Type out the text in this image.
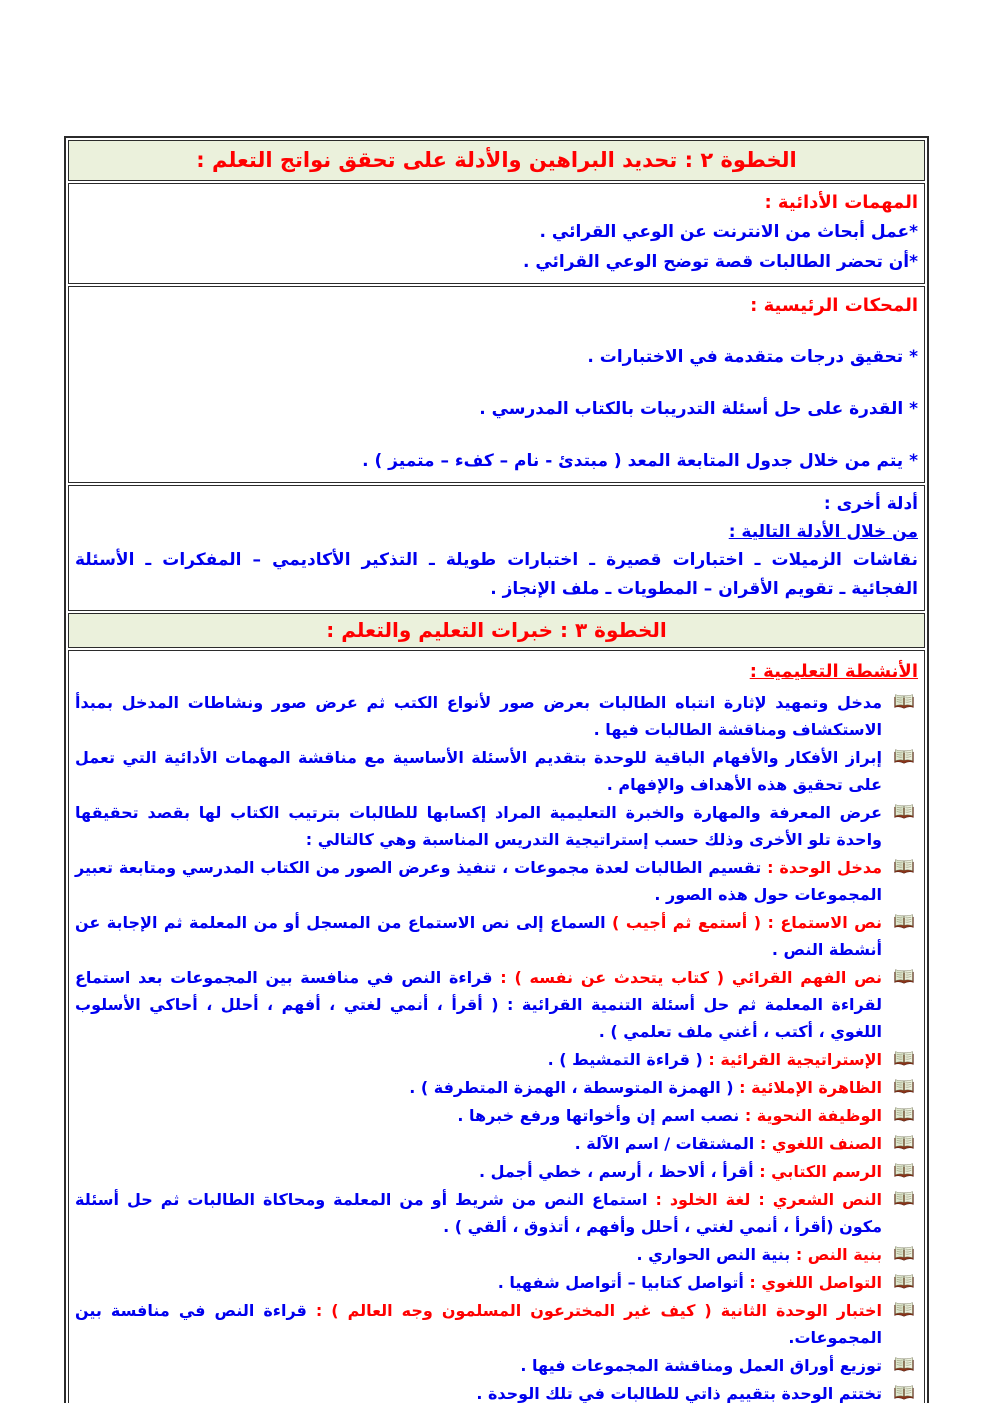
الخطوة ٢ : تحديد البراهين والأدلة على تحقق نواتج التعلم :
المهمات الأدائية :
*عمل أبحاث من الانترنت عن الوعي القرائي .
*أن تحضر الطالبات قصة توضح الوعي القرائي .
المحكات الرئيسية :
* تحقيق درجات متقدمة في الاختبارات .
* القدرة على حل أسئلة التدريبات بالكتاب المدرسي .
* يتم من خلال جدول المتابعة المعد ( مبتدئ - نام – كفء – متميز ) .
أدلة أخرى :
من خلال الأدلة التالية :
نقاشات الزميلات ـ اختبارات قصيرة ـ اختبارات طويلة ـ التذكير الأكاديمي – المفكرات ـ الأسئلة الفجائية ـ تقويم الأقران – المطويات ـ ملف الإنجاز .
الخطوة ٣ : خبرات التعليم والتعلم :
الأنشطة التعليمية :
مدخل وتمهيد لإثارة انتباه الطالبات بعرض صور لأنواع الكتب ثم عرض صور ونشاطات المدخل بمبدأ الاستكشاف ومناقشة الطالبات فيها .
إبراز الأفكار والأفهام الباقية للوحدة بتقديم الأسئلة الأساسية مع مناقشة المهمات الأدائية التي تعمل على تحقيق هذه الأهداف والإفهام .
عرض المعرفة والمهارة والخبرة التعليمية المراد إكسابها للطالبات بترتيب الكتاب لها بقصد تحقيقها واحدة تلو الأخرى وذلك حسب إستراتيجية التدريس المناسبة وهي كالتالي :
مدخل الوحدة : تقسيم الطالبات لعدة مجموعات ، تنفيذ وعرض الصور من الكتاب المدرسي ومتابعة تعبير المجموعات حول هذه الصور .
نص الاستماع : ( أستمع ثم أجيب ) السماع إلى نص الاستماع من المسجل أو من المعلمة ثم الإجابة عن أنشطة النص .
نص الفهم القرائي ( كتاب يتحدث عن نفسه ) : قراءة النص في منافسة بين المجموعات بعد استماع لقراءة المعلمة ثم حل أسئلة التنمية القرائية : ( أقرأ ، أنمي لغتي ، أفهم ، أحلل ، أحاكي الأسلوب اللغوي ، أكتب ، أغني ملف تعلمي ) .
الإستراتيجية القرائية : ( قراءة التمشيط ) .
الظاهرة الإملائية : ( الهمزة المتوسطة ، الهمزة المتطرفة ) .
الوظيفة النحوية : نصب اسم إن وأخواتها ورفع خبرها .
الصنف اللغوي : المشتقات / اسم الآلة .
الرسم الكتابي : أقرأ ، ألاحظ ، أرسم ، خطي أجمل .
النص الشعري : لغة الخلود : استماع النص من شريط أو من المعلمة ومحاكاة الطالبات ثم حل أسئلة مكون (أقرأ ، أنمي لغتي ، أحلل وأفهم ، أتذوق ، ألقي ) .
بنية النص : بنية النص الحواري .
التواصل اللغوي : أتواصل كتابيا – أتواصل شفهيا .
اختبار الوحدة الثانية ( كيف غير المخترعون المسلمون وجه العالم ) : قراءة النص في منافسة بين المجموعات.
توزيع أوراق العمل ومناقشة المجموعات فيها .
تختتم الوحدة بتقييم ذاتي للطالبات في تلك الوحدة .
